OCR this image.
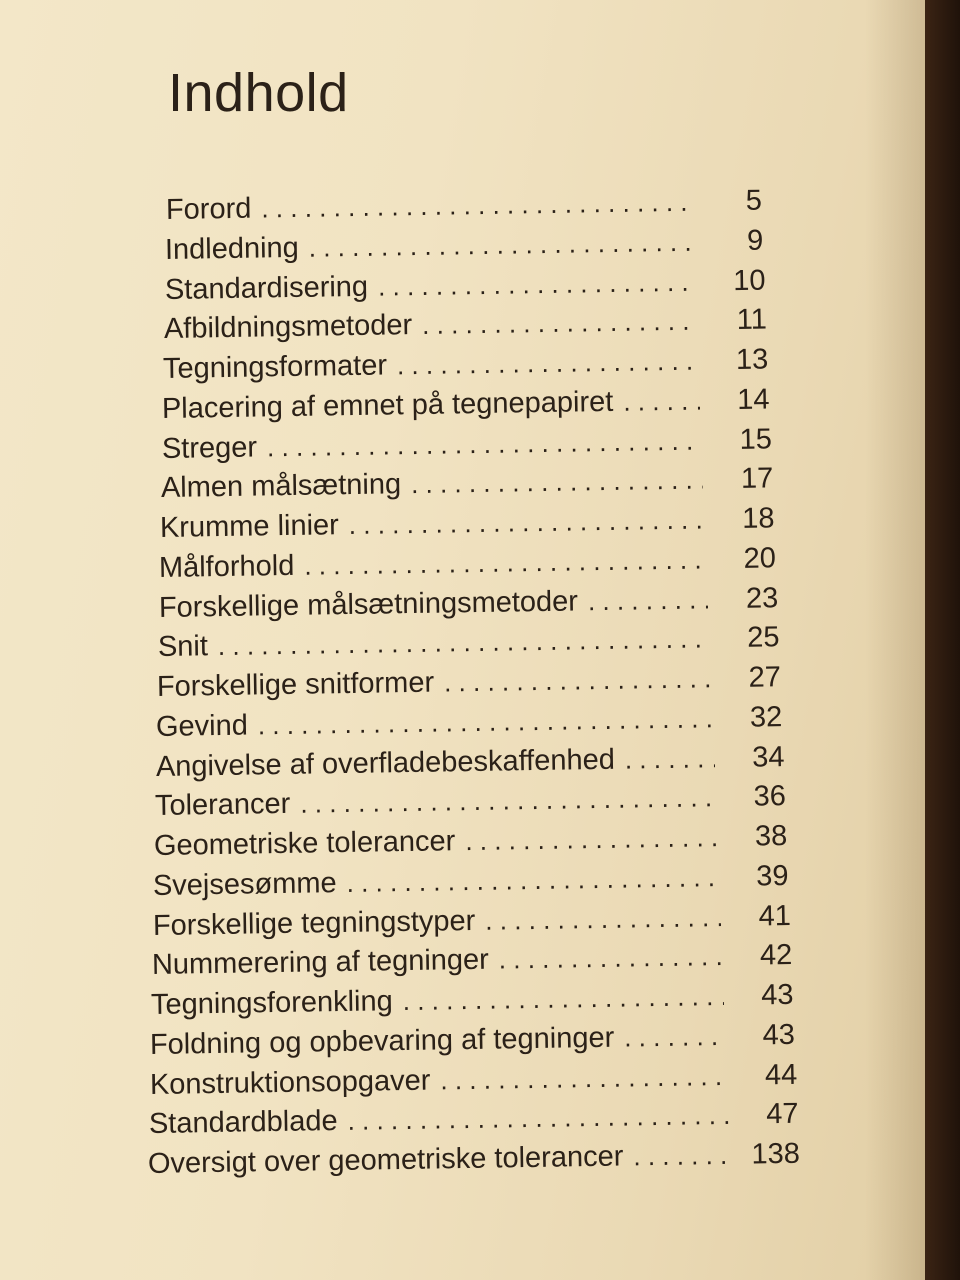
Indhold
Forord . . .	5
Indledning . . .	9
Standardisering . . .	10
Afbildningsmetoder . . .	11
Tegningsformater . . .	13
Placering af emnet på tegnepapiret . . .	14
Streger . . .	15
Almen målsætning . . .	17
Krumme linier . . .	18
Målforhold . . .	20
Forskellige målsætningsmetoder . . .	23
Snit . . .	25
Forskellige snitformer . . .	27
Gevind . . .	32
Angivelse af overfladebeskaffenhed . . .	34
Tolerancer . . .	36
Geometriske tolerancer . . .	38
Svejsesømme . . .	39
Forskellige tegningstyper . . .	41
Nummerering af tegninger . . .	42
Tegningsforenkling . . .	43
Foldning og opbevaring af tegninger . . .	43
Konstruktionsopgaver . . .	44
Standardblade . . .	47
Oversigt over geometriske tolerancer . . .	138
